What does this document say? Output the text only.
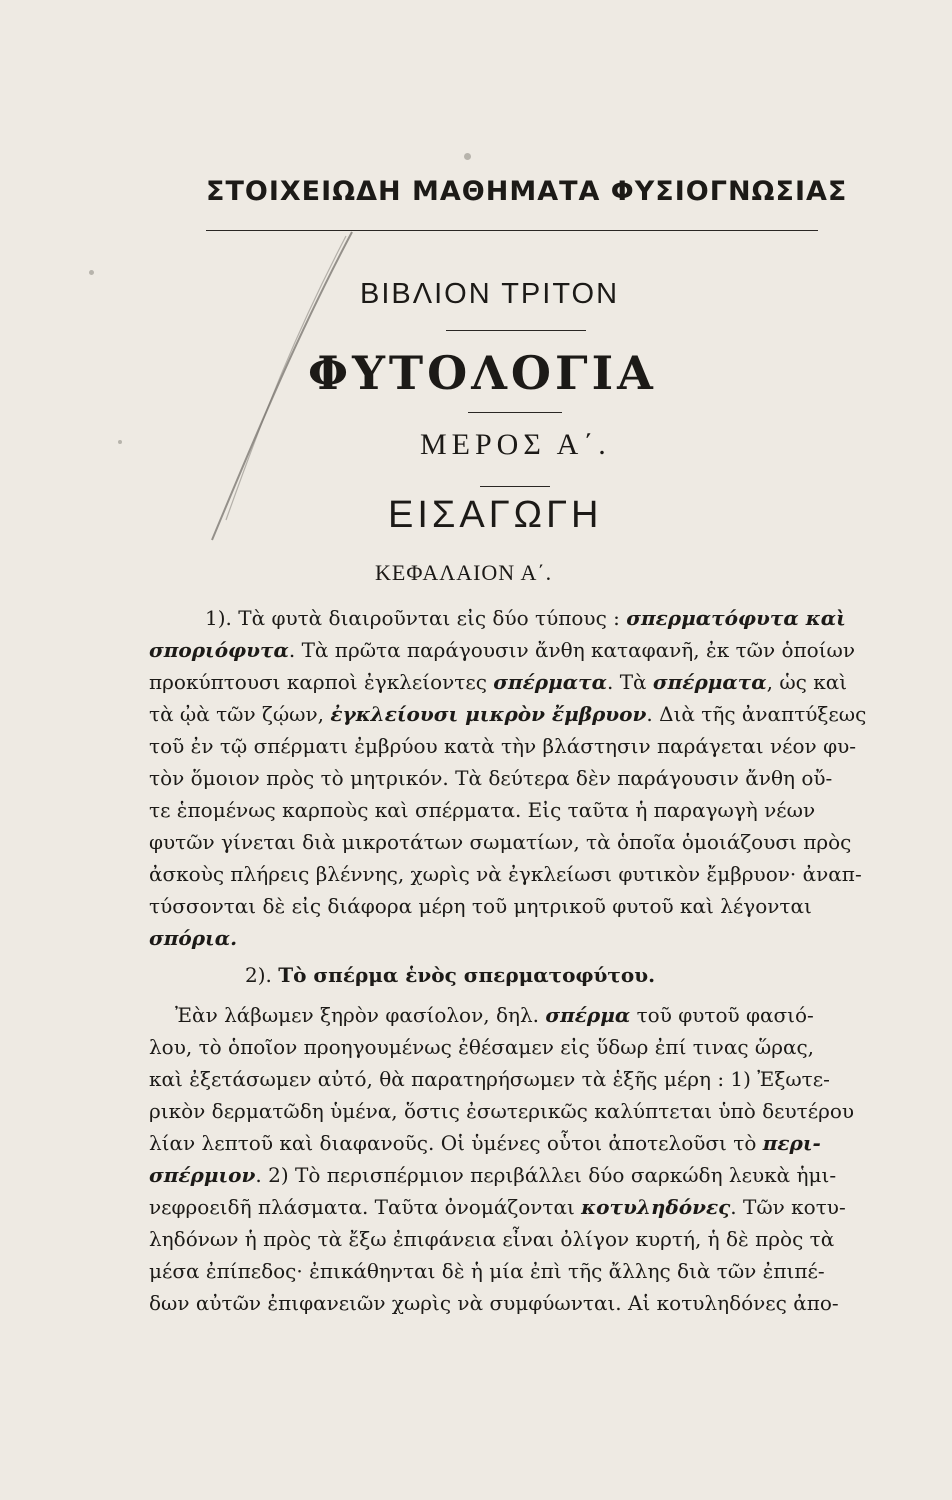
ΣΤΟΙΧΕΙΩΔΗ ΜΑΘΗΜΑΤΑ ΦΥΣΙΟΓΝΩΣΙΑΣ
ΒΙΒΛΙΟΝ ΤΡΙΤΟΝ
ΦΥΤΟΛΟΓΙΑ
ΜΕΡΟΣ Α΄.
ΕΙΣΑΓΩΓΗ
ΚΕΦΑΛΑΙΟΝ Α΄.
1). Τὰ φυτὰ διαιροῦνται εἰς δύο τύπους : σπερματόφυτα καὶ
σποριόφυτα. Τὰ πρῶτα παράγουσιν ἄνθη καταφανῆ, ἐκ τῶν ὁποίων
προκύπτουσι καρποὶ ἐγκλείοντες σπέρματα. Τὰ σπέρματα, ὡς καὶ
τὰ ᾠὰ τῶν ζῴων, ἐγκλείουσι μικρὸν ἔμβρυον. Διὰ τῆς ἀναπτύξεως
τοῦ ἐν τῷ σπέρματι ἐμβρύου κατὰ τὴν βλάστησιν παράγεται νέον φυ-
τὸν ὅμοιον πρὸς τὸ μητρικόν. Τὰ δεύτερα δὲν παράγουσιν ἄνθη οὔ-
τε ἑπομένως καρποὺς καὶ σπέρματα. Εἰς ταῦτα ἡ παραγωγὴ νέων
φυτῶν γίνεται διὰ μικροτάτων σωματίων, τὰ ὁποῖα ὁμοιάζουσι πρὸς
ἀσκοὺς πλήρεις βλέννης, χωρὶς νὰ ἐγκλείωσι φυτικὸν ἔμβρυον· ἀναπ-
τύσσονται δὲ εἰς διάφορα μέρη τοῦ μητρικοῦ φυτοῦ καὶ λέγονται
σπόρια.
2). Τὸ σπέρμα ἑνὸς σπερματοφύτου.
Ἐὰν λάβωμεν ξηρὸν φασίολον, δηλ. σπέρμα τοῦ φυτοῦ φασιό-
λου, τὸ ὁποῖον προηγουμένως ἐθέσαμεν εἰς ὕδωρ ἐπί τινας ὥρας,
καὶ ἐξετάσωμεν αὐτό, θὰ παρατηρήσωμεν τὰ ἑξῆς μέρη : 1) Ἐξωτε-
ρικὸν δερματῶδη ὑμένα, ὅστις ἐσωτερικῶς καλύπτεται ὑπὸ δευτέρου
λίαν λεπτοῦ καὶ διαφανοῦς. Οἱ ὑμένες οὗτοι ἀποτελοῦσι τὸ περι-
σπέρμιον. 2) Τὸ περισπέρμιον περιβάλλει δύο σαρκώδη λευκὰ ἡμι-
νεφροειδῆ πλάσματα. Ταῦτα ὀνομάζονται κοτυληδόνες. Τῶν κοτυ-
ληδόνων ἡ πρὸς τὰ ἔξω ἐπιφάνεια εἶναι ὀλίγον κυρτή, ἡ δὲ πρὸς τὰ
μέσα ἐπίπεδος· ἐπικάθηνται δὲ ἡ μία ἐπὶ τῆς ἄλλης διὰ τῶν ἐπιπέ-
δων αὐτῶν ἐπιφανειῶν χωρὶς νὰ συμφύωνται. Αἱ κοτυληδόνες ἀπο-
